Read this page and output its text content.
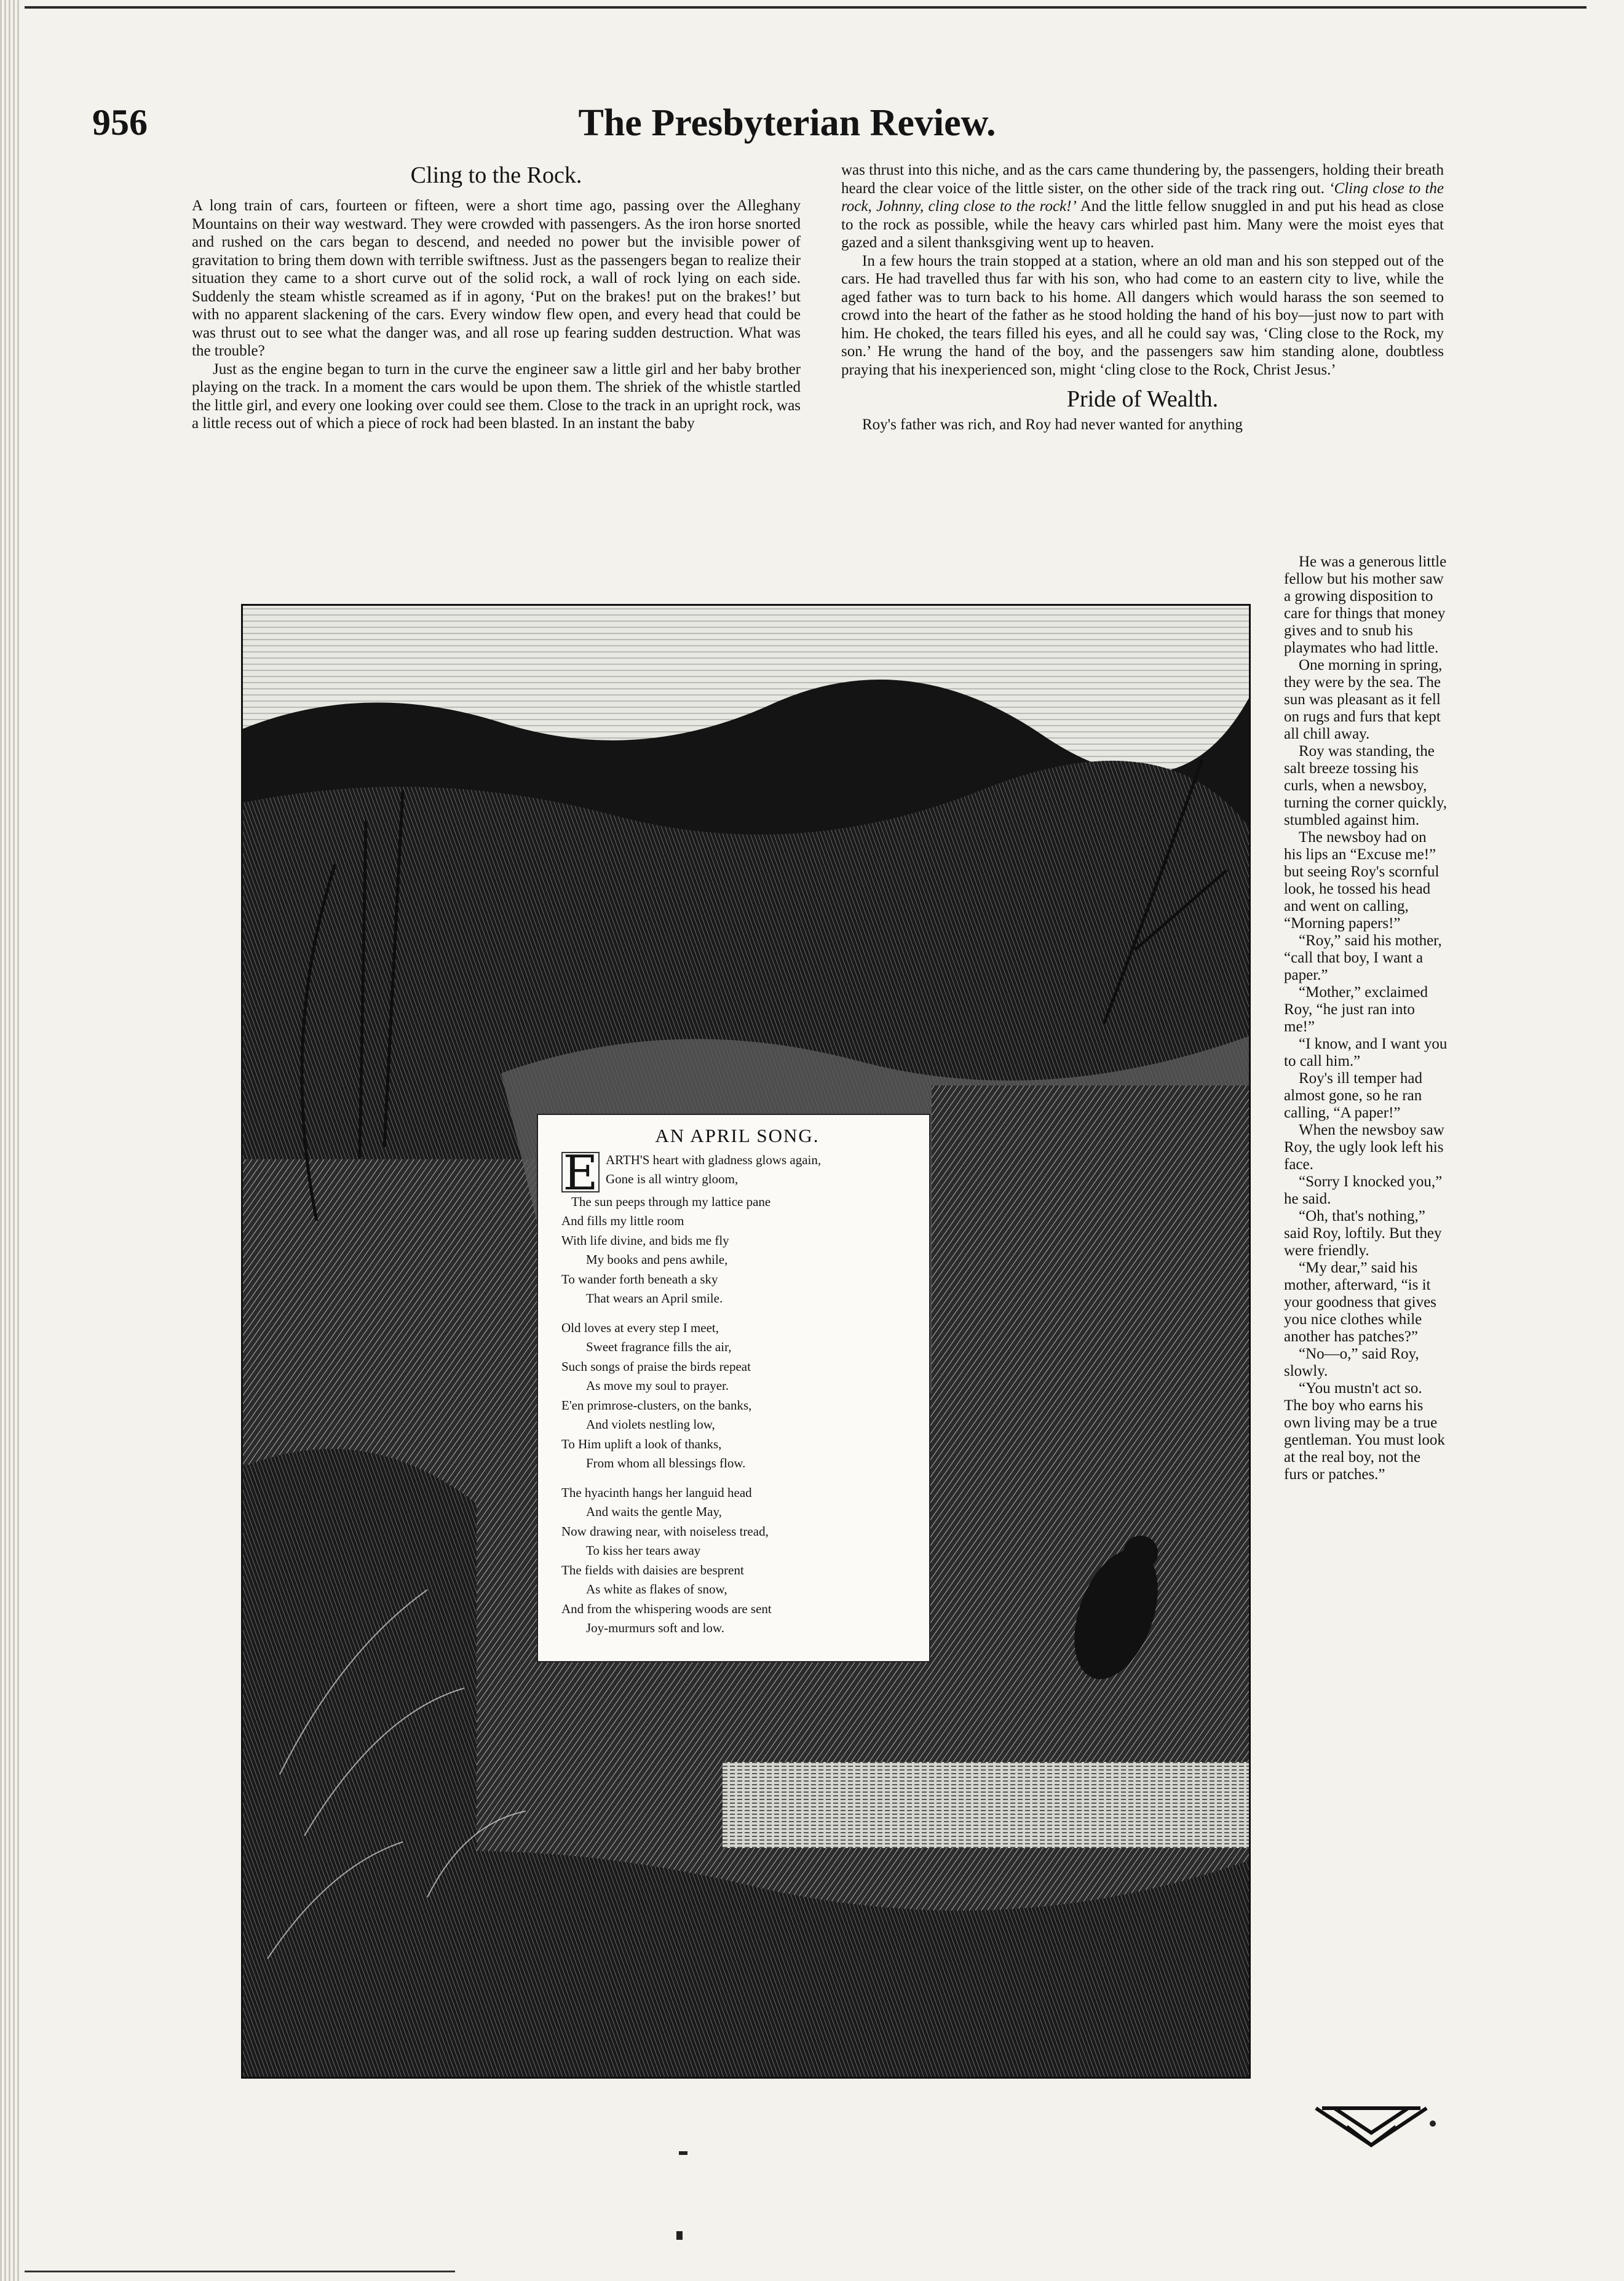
956	The Presbyterian Review.
Cling to the Rock.

A long train of cars, fourteen or fifteen, were a short time ago, passing over the Alleghany Mountains on their way westward. They were crowded with passengers. As the iron horse snorted and rushed on the cars began to descend, and needed no power but the invisible power of gravitation to bring them down with terrible swiftness. Just as the passengers began to realize their situation they came to a short curve out of the solid rock, a wall of rock lying on each side. Suddenly the steam whistle screamed as if in agony, ‘Put on the brakes! put on the brakes!’ but with no apparent slackening of the cars. Every window flew open, and every head that could be was thrust out to see what the danger was, and all rose up fearing sudden destruction. What was the trouble?

Just as the engine began to turn in the curve the engineer saw a little girl and her baby brother playing on the track. In a moment the cars would be upon them. The shriek of the whistle startled the little girl, and every one looking over could see them. Close to the track in an upright rock, was a little recess out of which a piece of rock had been blasted. In an instant the baby

was thrust into this niche, and as the cars came thundering by, the passengers, holding their breath heard the clear voice of the little sister, on the other side of the track ring out. ‘Cling close to the rock, Johnny, cling close to the rock!’ And the little fellow snuggled in and put his head as close to the rock as possible, while the heavy cars whirled past him. Many were the moist eyes that gazed and a silent thanksgiving went up to heaven.

In a few hours the train stopped at a station, where an old man and his son stepped out of the cars. He had travelled thus far with his son, who had come to an eastern city to live, while the aged father was to turn back to his home. All dangers which would harass the son seemed to crowd into the heart of the father as he stood holding the hand of his boy—just now to part with him. He choked, the tears filled his eyes, and all he could say was, ‘Cling close to the Rock, my son.’ He wrung the hand of the boy, and the passengers saw him standing alone, doubtless praying that his inexperienced son, might ‘cling close to the Rock, Christ Jesus.’

Pride of Wealth.

Roy's father was rich, and Roy had never wanted for anything

He was a generous little fellow but his mother saw a growing disposition to care for things that money gives and to snub his playmates who had little.

One morning in spring, they were by the sea. The sun was pleasant as it fell on rugs and furs that kept all chill away.

Roy was standing, the salt breeze tossing his curls, when a newsboy, turning the corner quickly, stumbled against him.

The newsboy had on his lips an “Excuse me!” but seeing Roy's scornful look, he tossed his head and went on calling, “Morning papers!”

“Roy,” said his mother, “call that boy, I want a paper.”

“Mother,” exclaimed Roy, “he just ran into me!”

“I know, and I want you to call him.”

Roy's ill temper had almost gone, so he ran calling, “A paper!”

When the newsboy saw Roy, the ugly look left his face.

“Sorry I knocked you,” he said.

“Oh, that's nothing,” said Roy, loftily. But they were friendly.

“My dear,” said his mother, afterward, “is it your goodness that gives you nice clothes while another has patches?”

“No—o,” said Roy, slowly.

“You mustn't act so. The boy who earns his own living may be a true gentleman. You must look at the real boy, not the furs or patches.”

AN APRIL SONG.
E ARTH'S heart with gladness glows again,
Gone is all wintry gloom,
The sun peeps through my lattice pane
And fills my little room
With life divine, and bids me fly
My books and pens awhile,
To wander forth beneath a sky
That wears an April smile.
Old loves at every step I meet,
Sweet fragrance fills the air,
Such songs of praise the birds repeat
As move my soul to prayer.
E'en primrose-clusters, on the banks,
And violets nestling low,
To Him uplift a look of thanks,
From whom all blessings flow.
The hyacinth hangs her languid head
And waits the gentle May,
Now drawing near, with noiseless tread,
To kiss her tears away
The fields with daisies are besprent
As white as flakes of snow,
And from the whispering woods are sent
Joy-murmurs soft and low.
